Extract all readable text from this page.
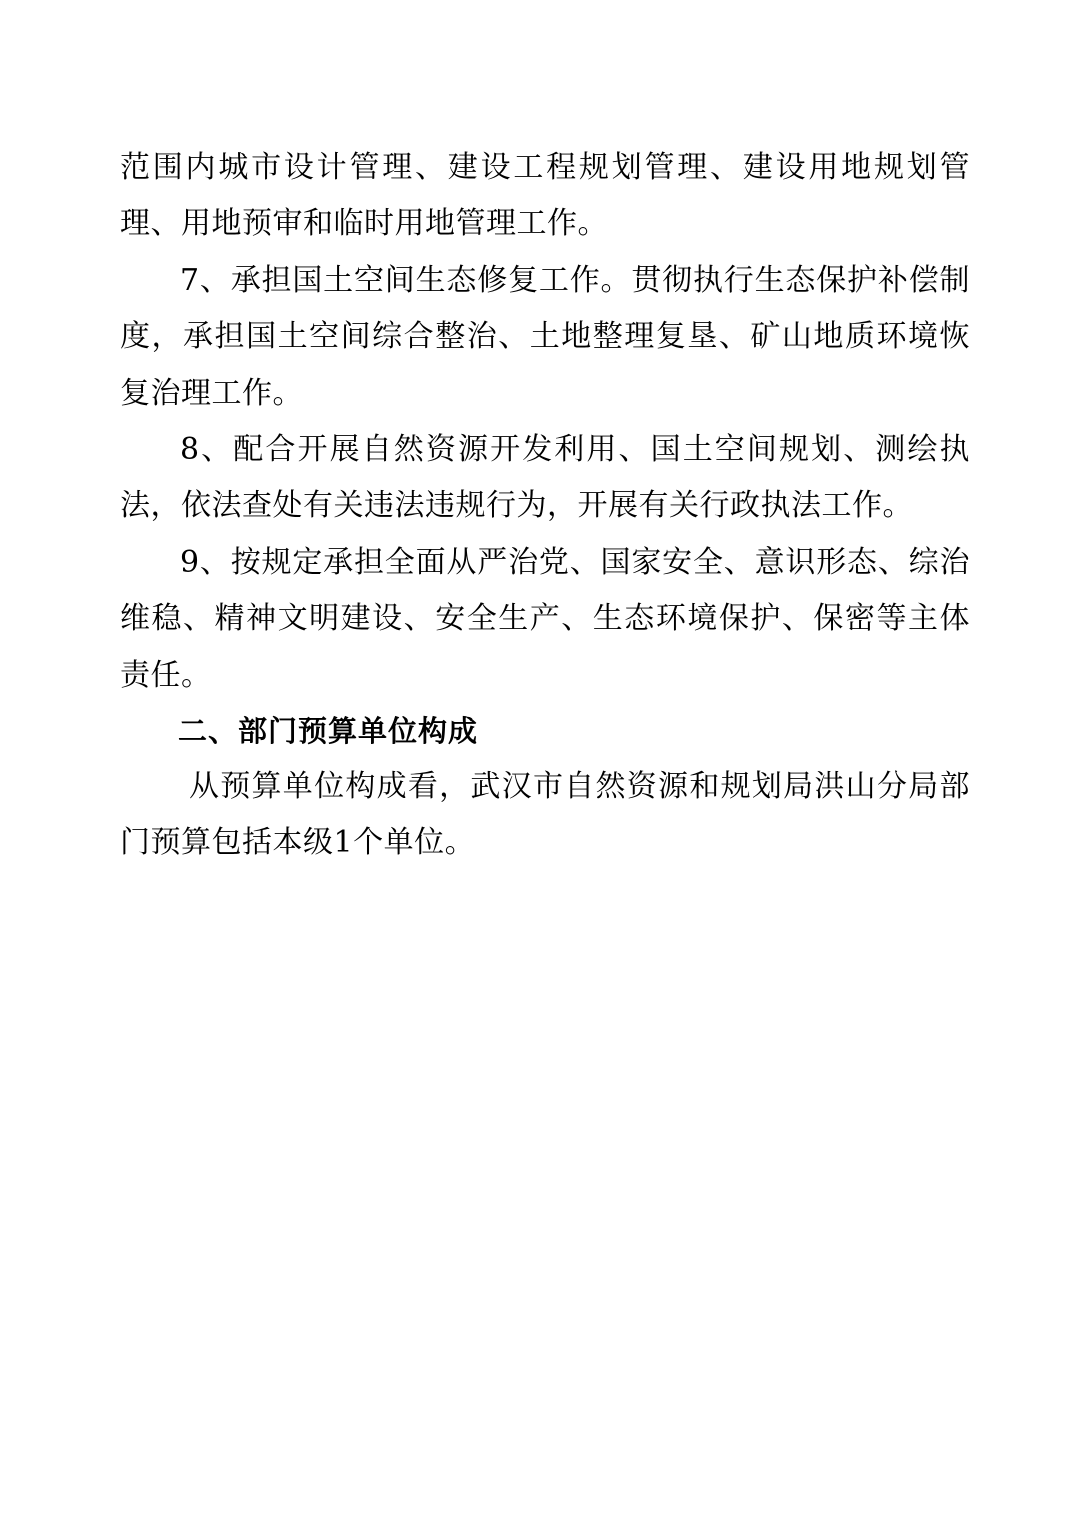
范围内城市设计管理、建设工程规划管理、建设用地规划管理、用地预审和临时用地管理工作。

7、承担国土空间生态修复工作。贯彻执行生态保护补偿制度，承担国土空间综合整治、土地整理复垦、矿山地质环境恢复治理工作。

8、配合开展自然资源开发利用、国土空间规划、测绘执法，依法查处有关违法违规行为，开展有关行政执法工作。

9、按规定承担全面从严治党、国家安全、意识形态、综治维稳、精神文明建设、安全生产、生态环境保护、保密等主体责任。

二、部门预算单位构成

从预算单位构成看，武汉市自然资源和规划局洪山分局部门预算包括本级1个单位。
